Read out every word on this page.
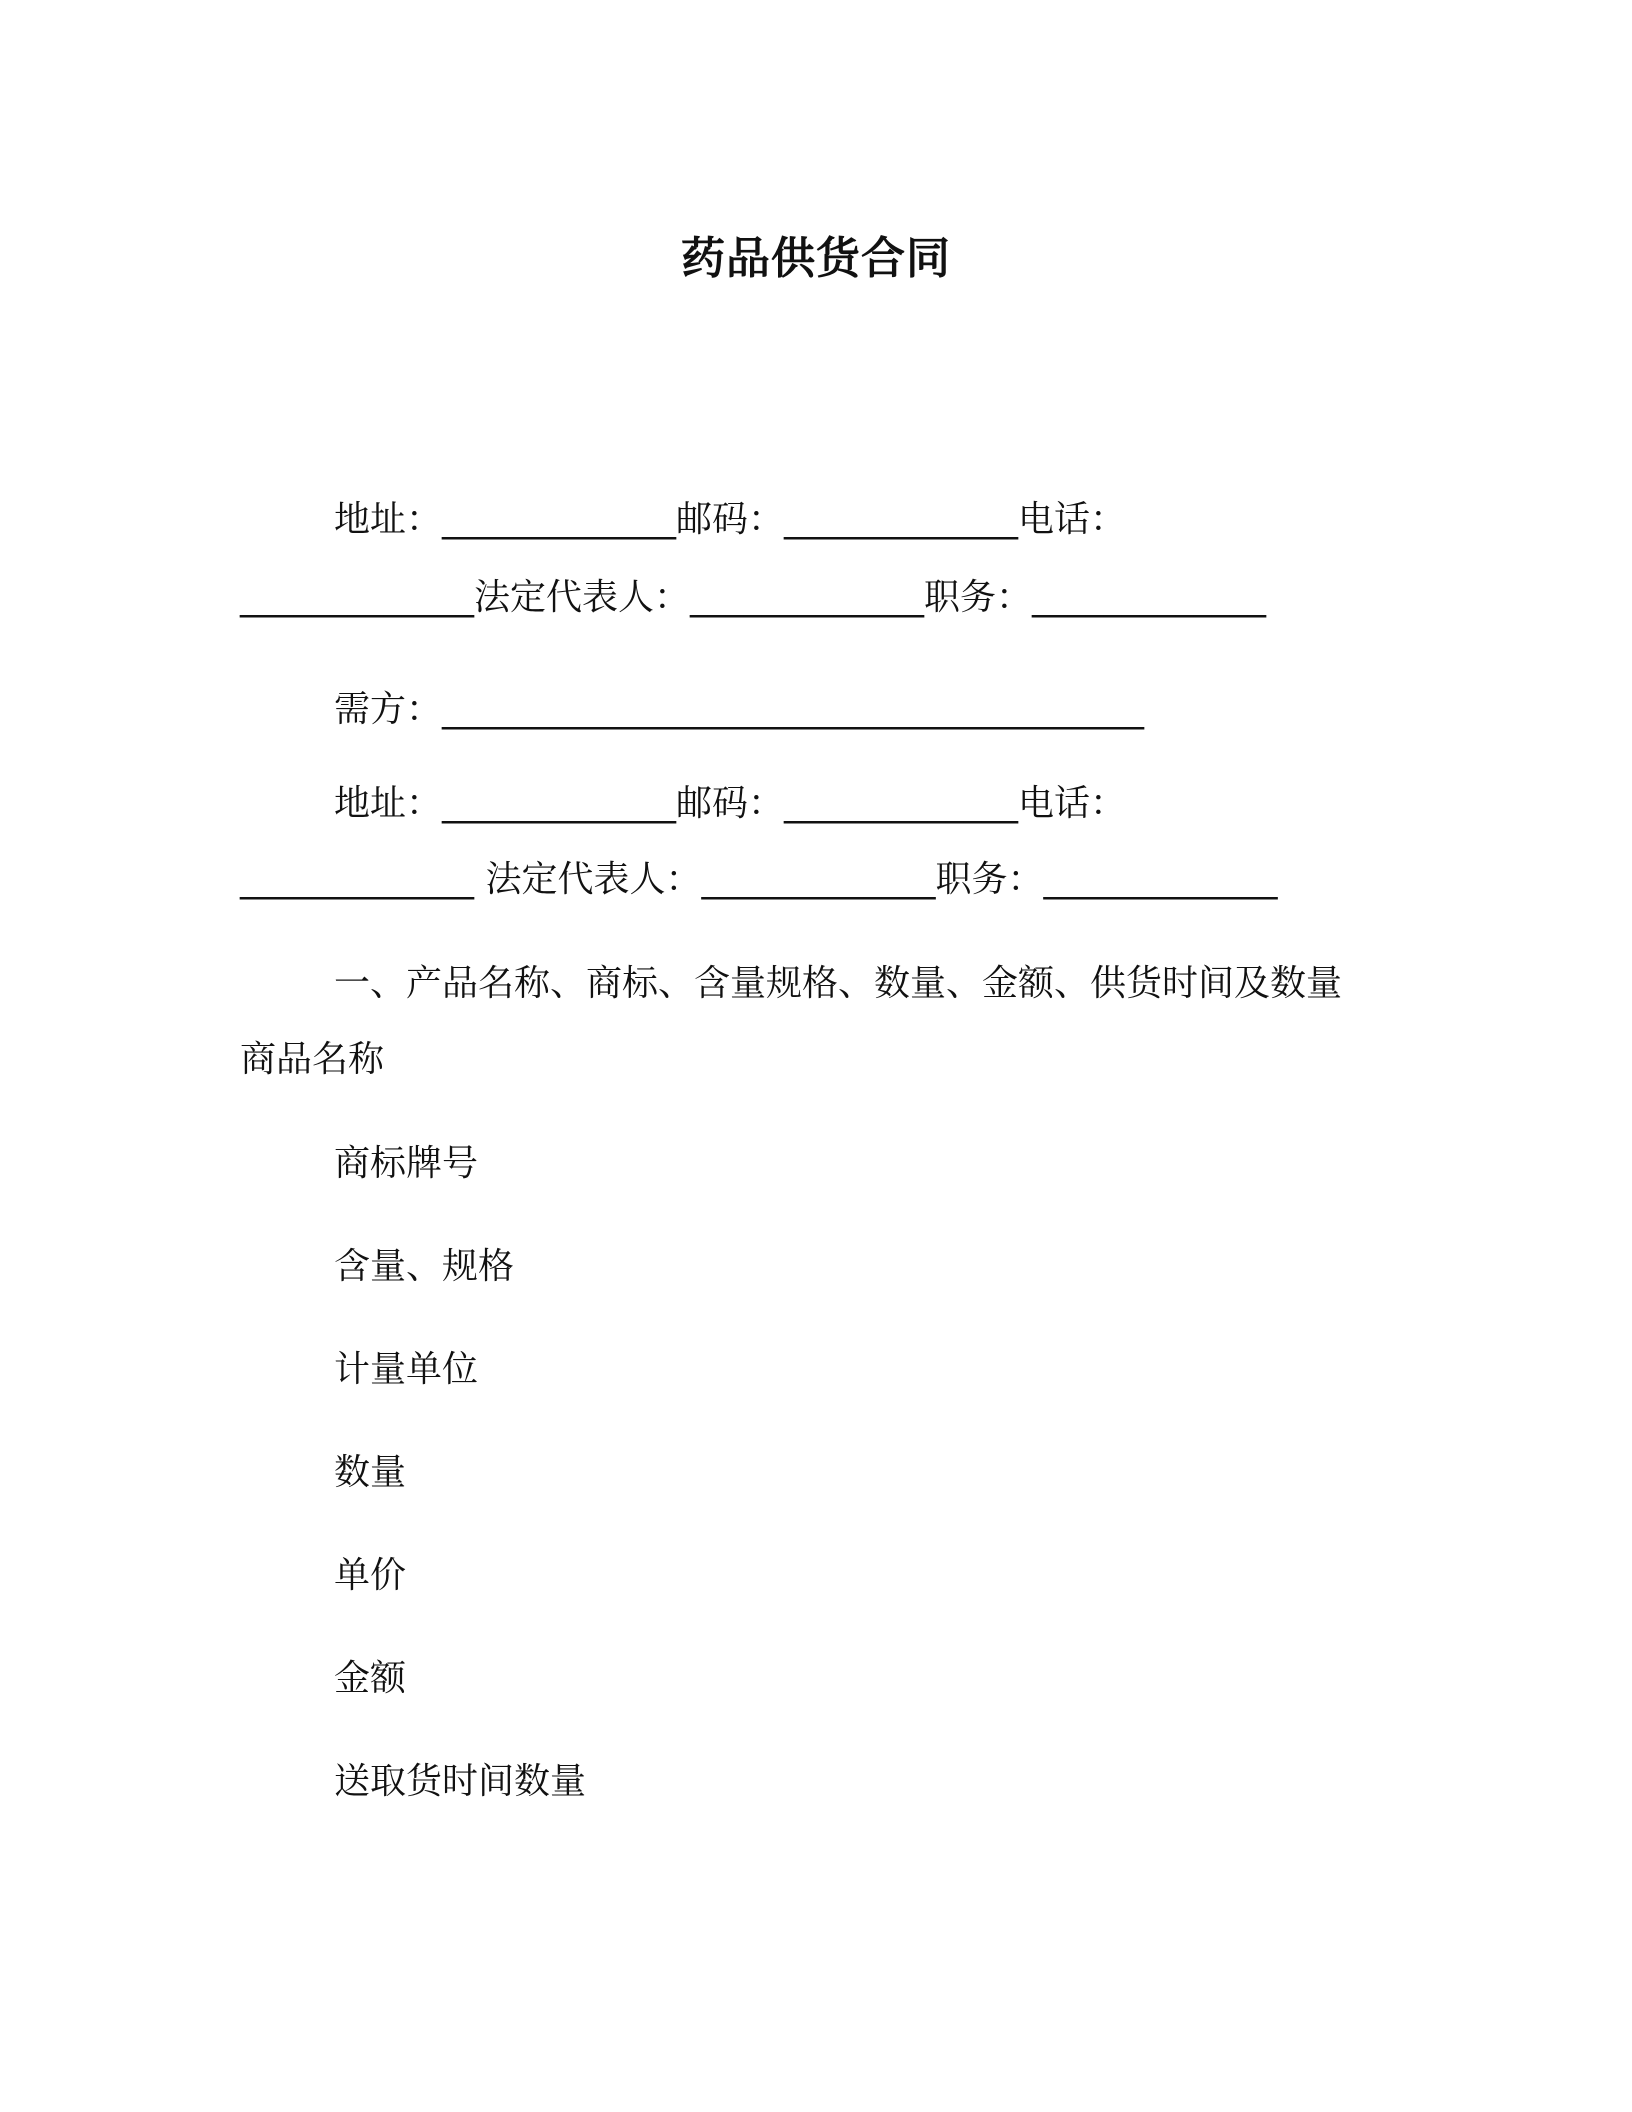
药品供货合同
地址：_____________邮码：_____________电话：
_____________法定代表人：_____________职务：_____________
需方：_______________________________________
地址：_____________邮码：_____________电话：
_____________ 法定代表人：_____________职务：_____________
一、产品名称、商标、含量规格、数量、金额、供货时间及数量
商品名称
商标牌号
含量、规格
计量单位
数量
单价
金额
送取货时间数量
